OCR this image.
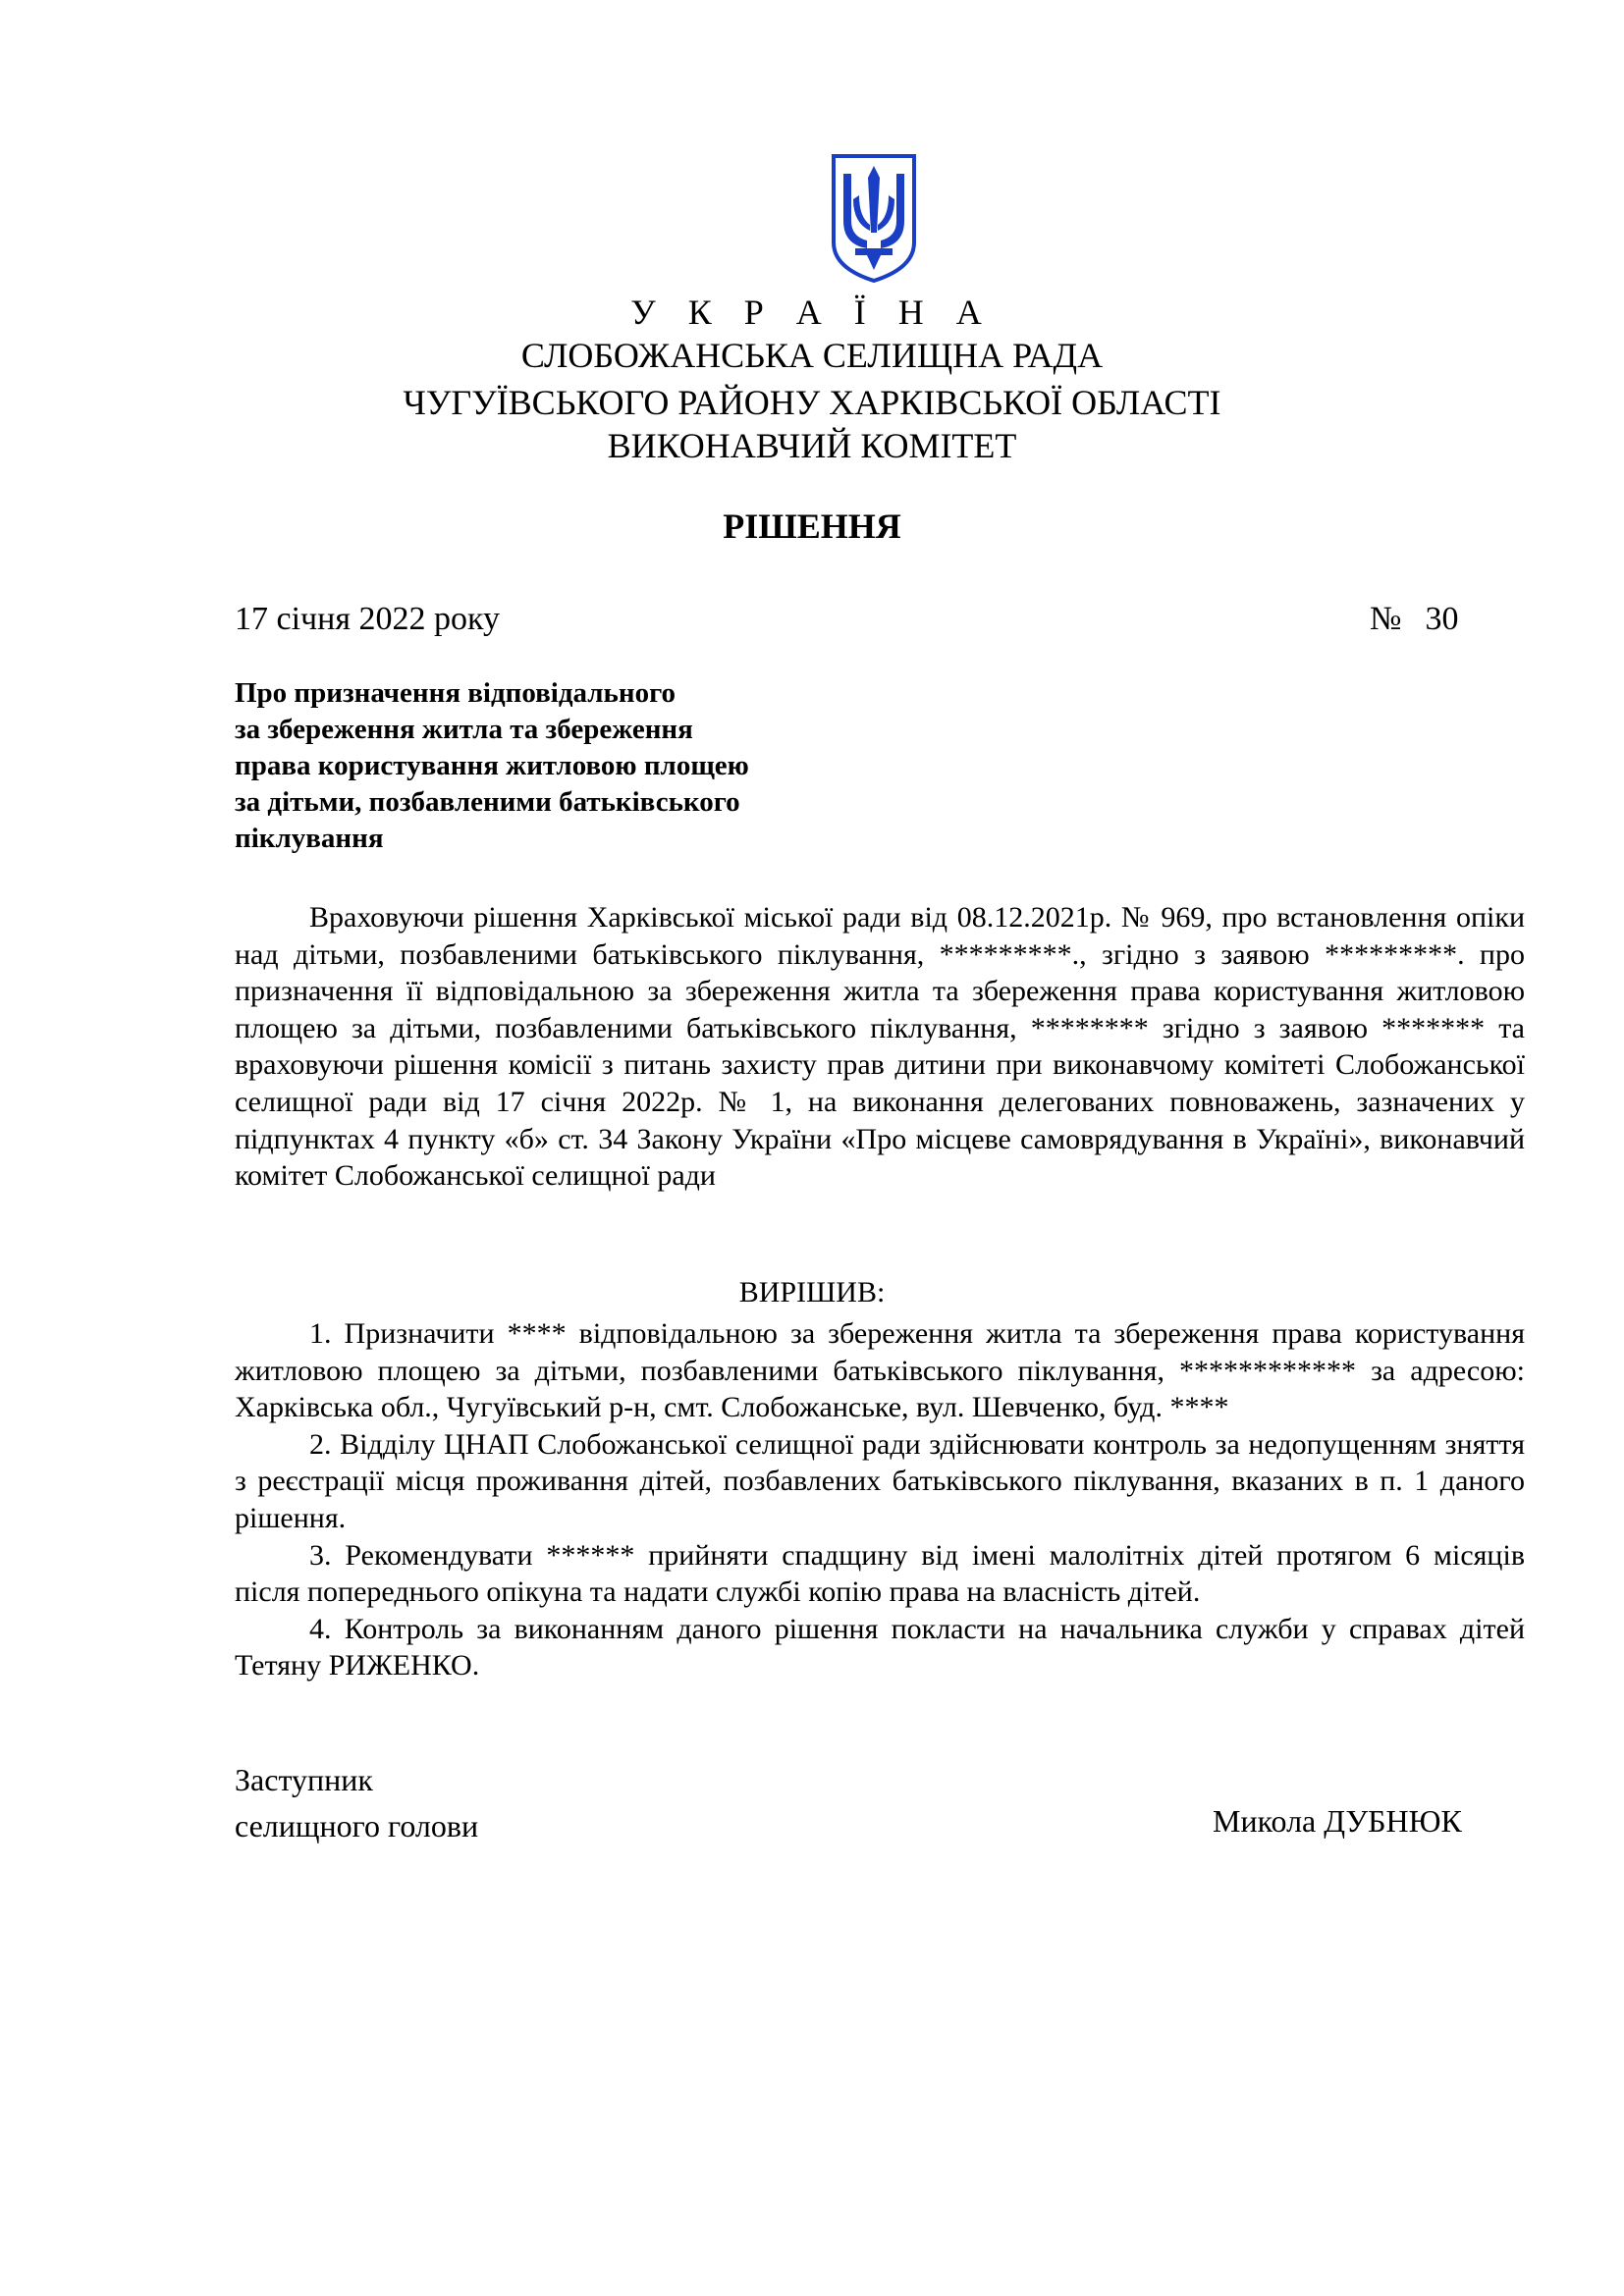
У К Р А Ї Н А
СЛОБОЖАНСЬКА СЕЛИЩНА РАДА
ЧУГУЇВСЬКОГО РАЙОНУ ХАРКІВСЬКОЇ ОБЛАСТІ
ВИКОНАВЧИЙ КОМІТЕТ
РІШЕННЯ
17 січня 2022 року	№ 30
Про призначення відповідального
за збереження житла та збереження
права користування житловою площею
за дітьми, позбавленими батьківського
піклування

Враховуючи рішення Харківської міської ради від 08.12.2021р. № 969, про встановлення опіки над дітьми, позбавленими батьківського піклування, *********., згідно з заявою *********. про призначення її відповідальною за збереження житла та збереження права користування житловою площею за дітьми, позбавленими батьківського піклування, ******** згідно з заявою ******* та враховуючи рішення комісії з питань захисту прав дитини при виконавчому комітеті Слобожанської селищної ради від 17 січня 2022р. № 1, на виконання делегованих повноважень, зазначених у підпунктах 4 пункту «б» ст. 34 Закону України «Про місцеве самоврядування в Україні», виконавчий комітет Слобожанської селищної ради

ВИРІШИВ:

1. Призначити **** відповідальною за збереження житла та збереження права користування житловою площею за дітьми, позбавленими батьківського піклування, ************ за адресою: Харківська обл., Чугуївський р-н, смт. Слобожанське, вул. Шевченко, буд. ****

2. Відділу ЦНАП Слобожанської селищної ради здійснювати контроль за недопущенням зняття з реєстрації місця проживання дітей, позбавлених батьківського піклування, вказаних в п. 1 даного рішення.

3. Рекомендувати ****** прийняти спадщину від імені малолітніх дітей протягом 6 місяців після попереднього опікуна та надати службі копію права на власність дітей.

4. Контроль за виконанням даного рішення покласти на начальника служби у справах дітей Тетяну РИЖЕНКО.

Заступник
селищного голови	Микола ДУБНЮК
